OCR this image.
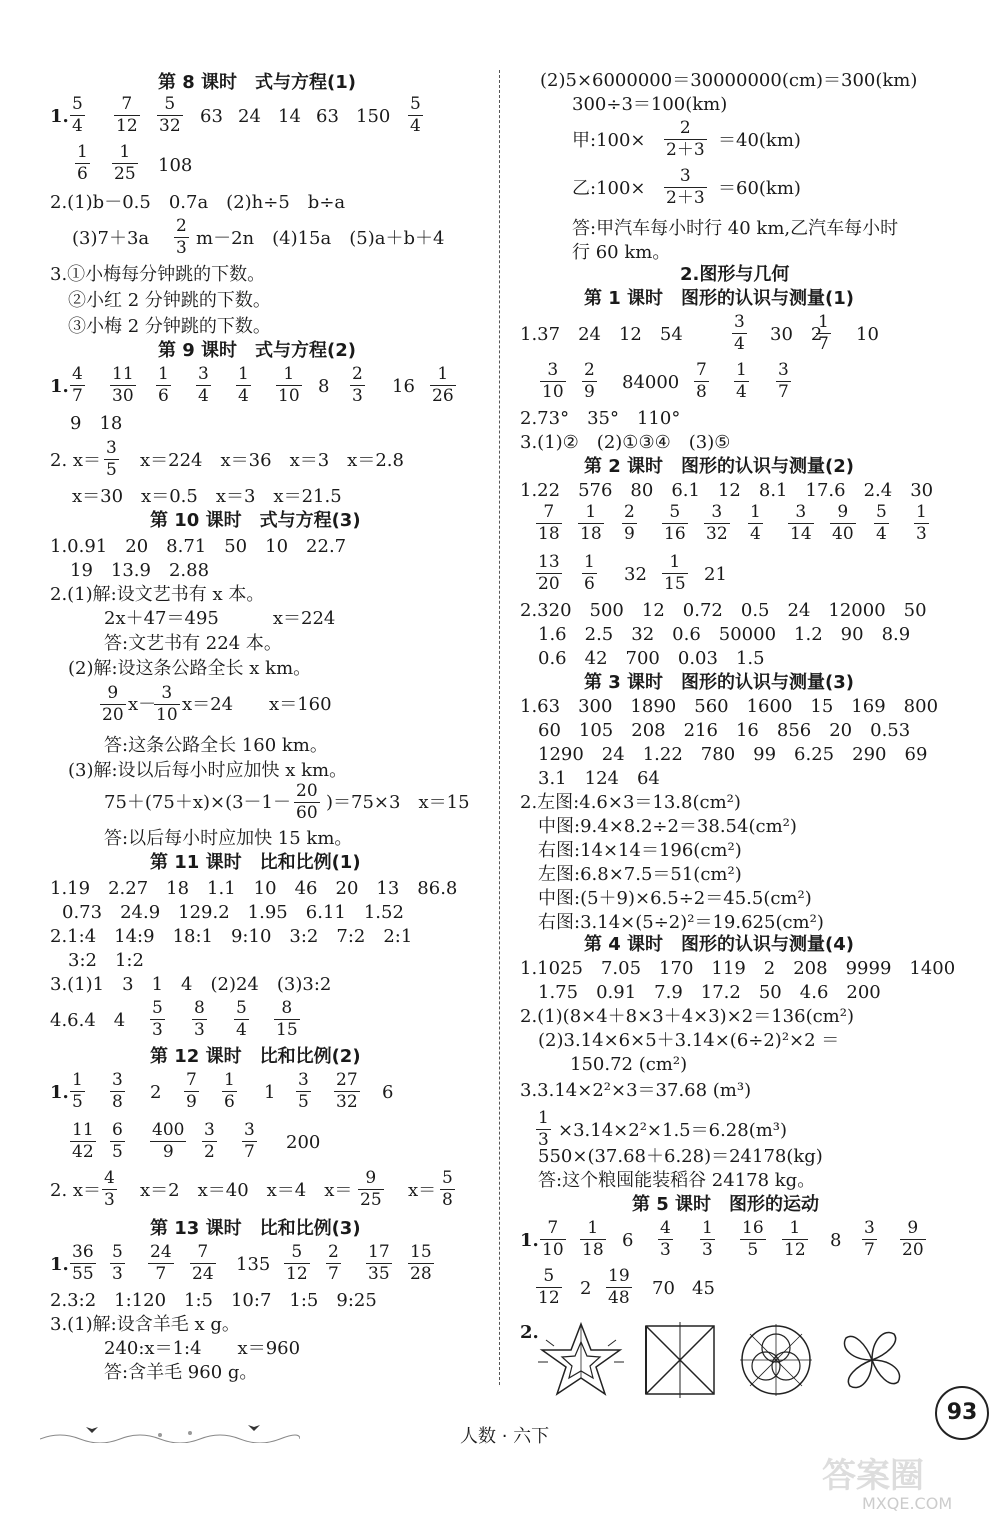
第 8 课时　式与方程(1)
1.
5
4
7
12
5
32 63 24 14 63 150
5
4
1
6
1
25 108
2.(1)b－0.5　0.7a　(2)h÷5　b÷a
(3)7＋3a
2
3 m－2n　(4)15a　(5)a＋b＋4
3.①小梅每分钟跳的下数。
②小红 2 分钟跳的下数。
③小梅 2 分钟跳的下数。
第 9 课时　式与方程(2)
1.
4
7
11
30
1
6
3
4
1
4
1
10 8
2
3 16
1
26
9　18
2. x＝
3
5 x＝224　x＝36　x＝3　x＝2.8
x＝30　x＝0.5　x＝3　x＝21.5
第 10 课时　式与方程(3)
1.0.91　20　8.71　50　10　22.7
19　13.9　2.88
2.(1)解:设文艺书有 x 本。
2x＋47＝495　　　x＝224
答:文艺书有 224 本。
(2)解:设这条公路全长 x km。
9
20 x－
3
10 x＝24　　x＝160
答:这条公路全长 160 km。
(3)解:设以后每小时应加快 x km。
75＋(75＋x)×(3－1－
20
60 )＝75×3　x＝15
答:以后每小时应加快 15 km。
第 11 课时　比和比例(1)
1.19　2.27　18　1.1　10　46　20　13　86.8
0.73　24.9　129.2　1.95　6.11　1.52
2.1:4　14:9　18:1　9:10　3:2　7:2　2:1
3:2　1:2
3.(1)1　3　1　4　(2)24　(3)3:2
4.6.4　4
5
3
8
3
5
4
8
15
第 12 课时　比和比例(2)
1.
1
5
3
8 2
7
9
1
6 1
3
5
27
32 6
11
42
6
5
400
9
3
2
3
7 200
2. x＝
4
3 x＝2　x＝40　x＝4　x＝
9
25 x＝
5
8
第 13 课时　比和比例(3)
1.
36
55
5
3
24
7
7
24 135
5
12
2
7
17
35
15
28
2.3:2　1:120　1:5　10:7　1:5　9:25
3.(1)解:设含羊毛 x g。
240:x＝1:4　　x＝960
答:含羊毛 960 g。
(2)5×6000000＝30000000(cm)＝300(km)
300÷3＝100(km)
甲:100×
2
2＋3 ＝40(km)
乙:100×
3
2＋3 ＝60(km)
答:甲汽车每小时行 40 km,乙汽车每小时
行 60 km。
2.图形与几何
第 1 课时　图形的认识与测量(1)
1.37　24　12　54
3
4 30　2
1
7 10
3
10
2
9 84000
7
8
1
4
3
7
2.73°　35°　110°
3.(1)②　(2)①③④　(3)⑤
第 2 课时　图形的认识与测量(2)
1.22　576　80　6.1　12　8.1　17.6　2.4　30
7
18
1
18
2
9
5
16
3
32
1
4
3
14
9
40
5
4
1
3
13
20
1
6 32
1
15 21
2.320　500　12　0.72　0.5　24　12000　50
1.6　2.5　32　0.6　50000　1.2　90　8.9
0.6　42　700　0.03　1.5
第 3 课时　图形的认识与测量(3)
1.63　300　1890　560　1600　15　169　800
60　105　208　216　16　856　20　0.53
1290　24　1.22　780　99　6.25　290　69
3.1　124　64
2.左图:4.6×3＝13.8(cm²)
中图:9.4×8.2÷2＝38.54(cm²)
右图:14×14＝196(cm²)
左图:6.8×7.5＝51(cm²)
中图:(5＋9)×6.5÷2＝45.5(cm²)
右图:3.14×(5÷2)²＝19.625(cm²)
第 4 课时　图形的认识与测量(4)
1.1025　7.05　170　119　2　208　9999　1400
1.75　0.91　7.9　17.2　50　4.6　200
2.(1)(8×4＋8×3＋4×3)×2＝136(cm²)
(2)3.14×6×5＋3.14×(6÷2)²×2 ＝
150.72 (cm²)
3.3.14×2²×3＝37.68 (m³)
1
3 ×3.14×2²×1.5＝6.28(m³)
550×(37.68＋6.28)＝24178(kg)
答:这个粮囤能装稻谷 24178 kg。
第 5 课时　图形的运动
1.
7
10
1
18 6
4
3
1
3
16
5
1
12 8
3
7
9
20
5
12 2
19
48 70 45
2.
人数 · 六下
93
答案圈
MXQE.COM
